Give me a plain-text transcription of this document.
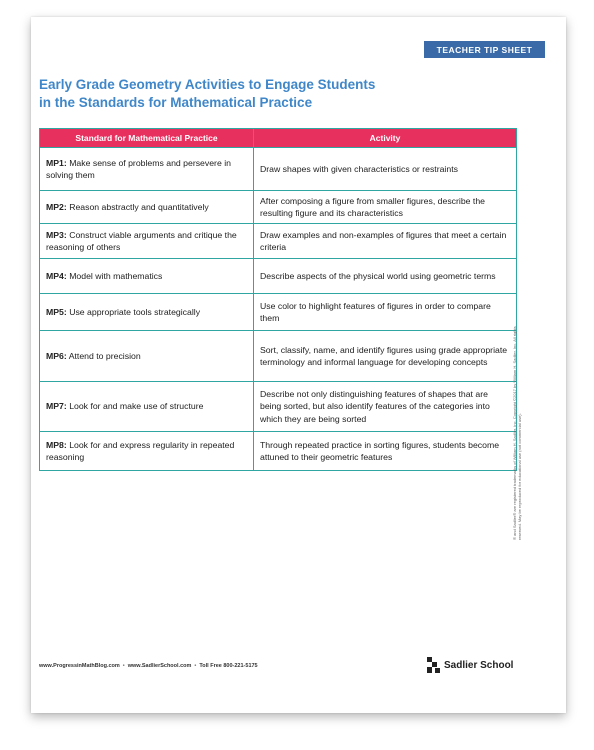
TEACHER TIP SHEET
Early Grade Geometry Activities to Engage Students
in the Standards for Mathematical Practice
Standard for Mathematical Practice	Activity
MP1: Make sense of problems and persevere in solving them	Draw shapes with given characteristics or restraints
MP2: Reason abstractly and quantitatively	After composing a figure from smaller figures, describe the resulting figure and its characteristics
MP3: Construct viable arguments and critique the reasoning of others	Draw examples and non-examples of figures that meet a certain criteria
MP4: Model with mathematics	Describe aspects of the physical world using geometric terms
MP5: Use appropriate tools strategically	Use color to highlight features of figures in order to compare them
MP6: Attend to precision	Sort, classify, name, and identify figures using grade appropriate terminology and informal language for developing concepts
MP7: Look for and make use of structure	Describe not only distinguishing features of shapes that are being sorted, but also identify features of the categories into which they are being sorted
MP8: Look for and express regularity in repeated reasoning	Through repeated practice in sorting figures, students become attuned to their geometric features	® and Sadlier® are registered trademarks of William H. Sadlier, Inc. Copyright ©2017 by William H. Sadlier, Inc. All rights reserved. May be reproduced for educational use (not commercial use).
www.ProgressinMathBlog.com • www.SadlierSchool.com • Toll Free 800-221-5175	Sadlier School
